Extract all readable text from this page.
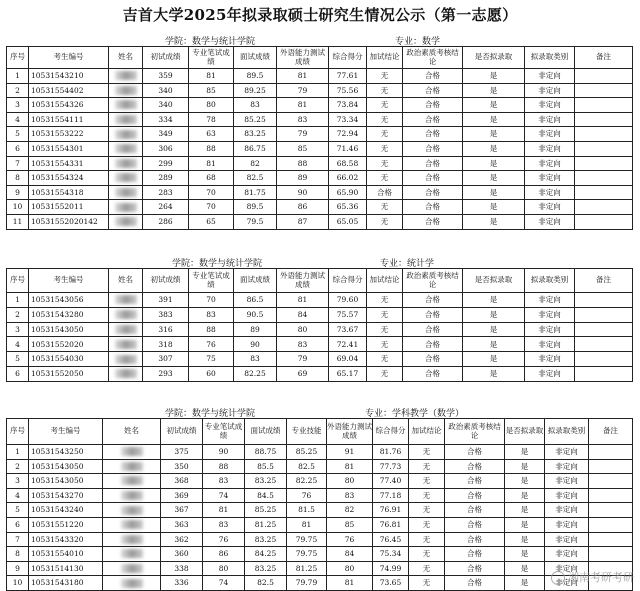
吉首大学2025年拟录取硕士研究生情况公示（第一志愿）
学院：数学与统计学院	专业：数学
序号	考生编号	姓名	初试成绩	专业笔试成绩	面试成绩	外语能力测试成绩	综合得分	加试结论	政治素质考核结论	是否拟录取	拟录取类别	备注
1	10531543210		359	81	89.5	81	77.61	无	合格	是	非定向	
2	10531554402		340	85	89.25	79	75.56	无	合格	是	非定向	
3	10531554326		340	80	83	81	73.84	无	合格	是	非定向	
4	10531554111		334	78	85.25	83	73.34	无	合格	是	非定向	
5	10531553222		349	63	83.25	79	72.94	无	合格	是	非定向	
6	10531554301		306	88	86.75	85	71.46	无	合格	是	非定向	
7	10531554331		299	81	82	88	68.58	无	合格	是	非定向	
8	10531554324		289	68	82.5	89	66.02	无	合格	是	非定向	
9	10531554318		283	70	81.75	90	65.90	合格	合格	是	非定向	
10	10531552011		264	70	89.5	86	65.36	无	合格	是	非定向	
11	10531552020142		286	65	79.5	87	65.05	无	合格	是	非定向	
学院：数学与统计学院	专业：统计学
序号	考生编号	姓名	初试成绩	专业笔试成绩	面试成绩	外语能力测试成绩	综合得分	加试结论	政治素质考核结论	是否拟录取	拟录取类别	备注
1	10531543056		391	70	86.5	81	79.60	无	合格	是	非定向	
2	10531543280		383	83	90.5	84	75.57	无	合格	是	非定向	
3	10531543050		316	88	89	80	73.67	无	合格	是	非定向	
4	10531552020		318	76	90	83	72.41	无	合格	是	非定向	
5	10531554030		307	75	83	79	69.04	无	合格	是	非定向	
6	10531552050		293	60	82.25	69	65.17	无	合格	是	非定向	
学院：数学与统计学院	专业：学科教学（数学）
序号	考生编号	姓名	初试成绩	专业笔试成绩	面试成绩	专业技能	外语能力测试成绩	综合得分	加试结论	政治素质考核结论	是否拟录取	拟录取类别	备注
1	10531543250		375	90	88.75	85.25	91	81.76	无	合格	是	非定向	
2	10531543050		350	88	85.5	82.5	81	77.73	无	合格	是	非定向	
3	10531543050		368	83	83.25	82.25	80	77.40	无	合格	是	非定向	
4	10531543270		369	74	84.5	76	83	77.18	无	合格	是	非定向	
5	10531543240		367	81	85.25	81.5	82	76.91	无	合格	是	非定向	
6	10531551220		363	83	81.25	81	85	76.81	无	合格	是	非定向	
7	10531543320		362	76	83.25	79.75	76	76.45	无	合格	是	非定向	
8	10531554010		360	86	84.25	79.75	84	75.34	无	合格	是	非定向	
9	10531514130		338	80	83.25	81.25	80	74.99	无	合格	是	非定向	
10	10531543180		336	74	82.5	79.79	81	73.65	无	合格	是	非定向	
湘南考研考研
